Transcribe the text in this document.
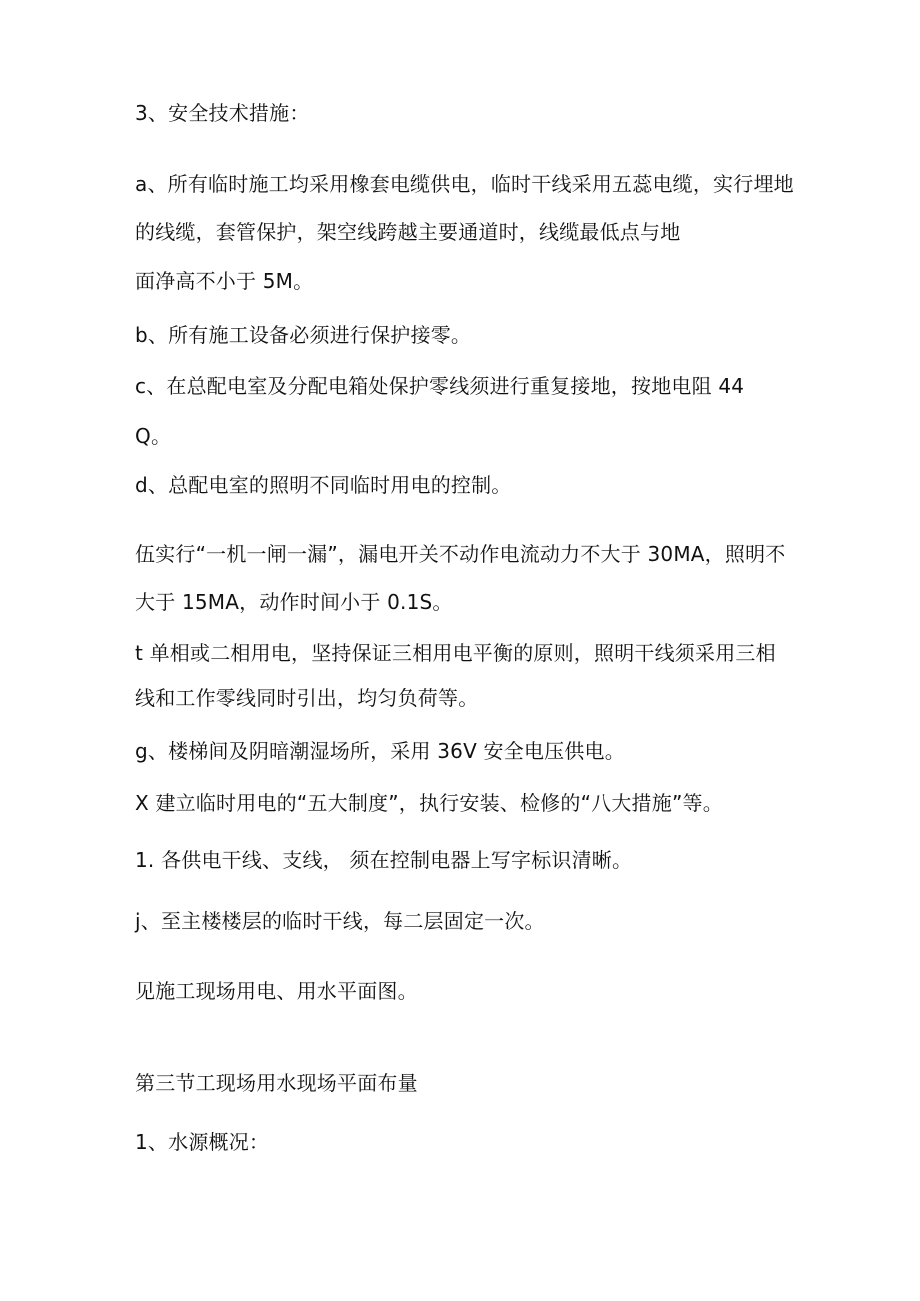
3、安全技术措施：
a、所有临时施工均采用橡套电缆供电，临时干线采用五蕊电缆，实行埋地
的线缆，套管保护，架空线跨越主要通道时，线缆最低点与地
面净高不小于 5M。
b、所有施工设备必须进行保护接零。
c、在总配电室及分配电箱处保护零线须进行重复接地，按地电阻 44
Q。
d、总配电室的照明不同临时用电的控制。
伍实行“一机一闸一漏”，漏电开关不动作电流动力不大于 30MA，照明不
大于 15MA，动作时间小于 0.1S。
t 单相或二相用电，坚持保证三相用电平衡的原则，照明干线须采用三相
线和工作零线同时引出，均匀负荷等。
g、楼梯间及阴暗潮湿场所，采用 36V 安全电压供电。
X 建立临时用电的“五大制度”，执行安装、检修的“八大措施”等。
1. 各供电干线、支线， 须在控制电器上写字标识清晰。
j、至主楼楼层的临时干线，每二层固定一次。
见施工现场用电、用水平面图。
第三节工现场用水现场平面布量
1、水源概况：
